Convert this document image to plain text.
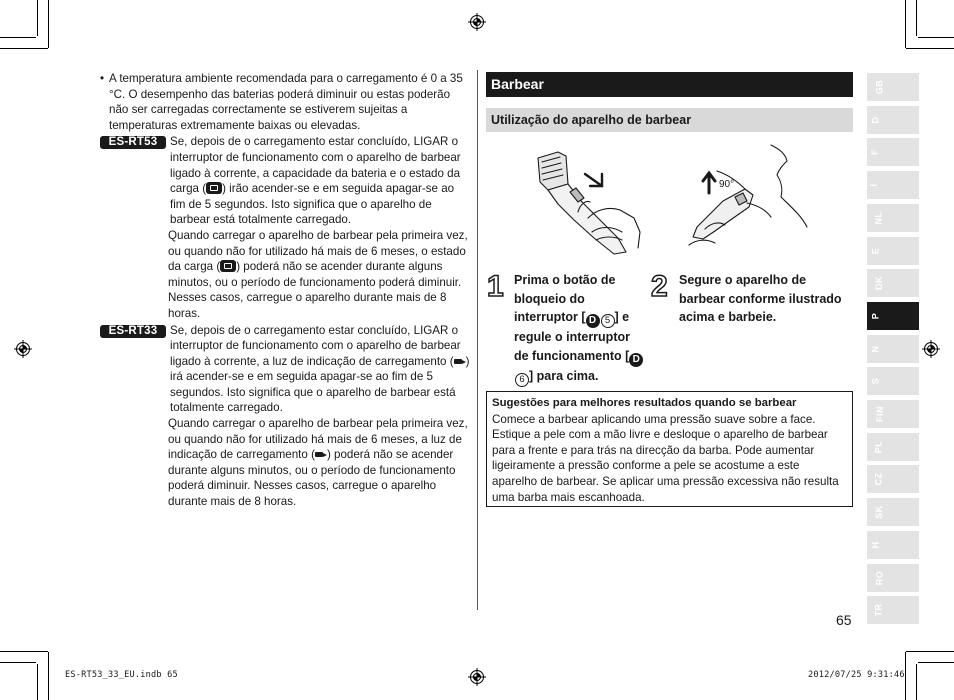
• A temperatura ambiente recomendada para o carregamento é 0 a 35 °C. O desempenho das baterias poderá diminuir ou estas poderão não ser carregadas correctamente se estiverem sujeitas a temperaturas extremamente baixas ou elevadas.

ES-RT53	Se, depois de o carregamento estar concluído, LIGAR o interruptor de funcionamento com o aparelho de barbear ligado à corrente, a capacidade da bateria e o estado da carga ( ) irão acender-se e em seguida apagar-se ao fim de 5 segundos. Isto significa que o aparelho de barbear está totalmente carregado.

Quando carregar o aparelho de barbear pela primeira vez, ou quando não for utilizado há mais de 6 meses, o estado da carga ( ) poderá não se acender durante alguns minutos, ou o período de funcionamento poderá diminuir. Nesses casos, carregue o aparelho durante mais de 8 horas.

ES-RT33	Se, depois de o carregamento estar concluído, LIGAR o interruptor de funcionamento com o aparelho de barbear ligado à corrente, a luz de indicação de carregamento ( ) irá acender-se e em seguida apagar-se ao fim de 5 segundos. Isto significa que o aparelho de barbear está totalmente carregado.

Quando carregar o aparelho de barbear pela primeira vez, ou quando não for utilizado há mais de 6 meses, a luz de indicação de carregamento ( ) poderá não se acender durante alguns minutos, ou o período de funcionamento poderá diminuir. Nesses casos, carregue o aparelho durante mais de 8 horas.

Barbear
Utilização do aparelho de barbear
90°
1 Prima o botão de bloqueio do interruptor [ D 5 ] e regule o interruptor de funcionamento [ D6 ] para cima.
2 Segure o aparelho de barbear conforme ilustrado acima e barbeie.
Sugestões para melhores resultados quando se barbear
Comece a barbear aplicando uma pressão suave sobre a face. Estique a pele com a mão livre e desloque o aparelho de barbear para a frente e para trás na direcção da barba. Pode aumentar ligeiramente a pressão conforme a pele se acostume a este aparelho de barbear. Se aplicar uma pressão excessiva não resulta uma barba mais escanhoada.
GB
D
F
I
NL
E
DK
P
N
S
FIN
PL
CZ
SK
H
RO
TR
65
ES-RT53_33_EU.indb 65	2012/07/25 9:31:46
